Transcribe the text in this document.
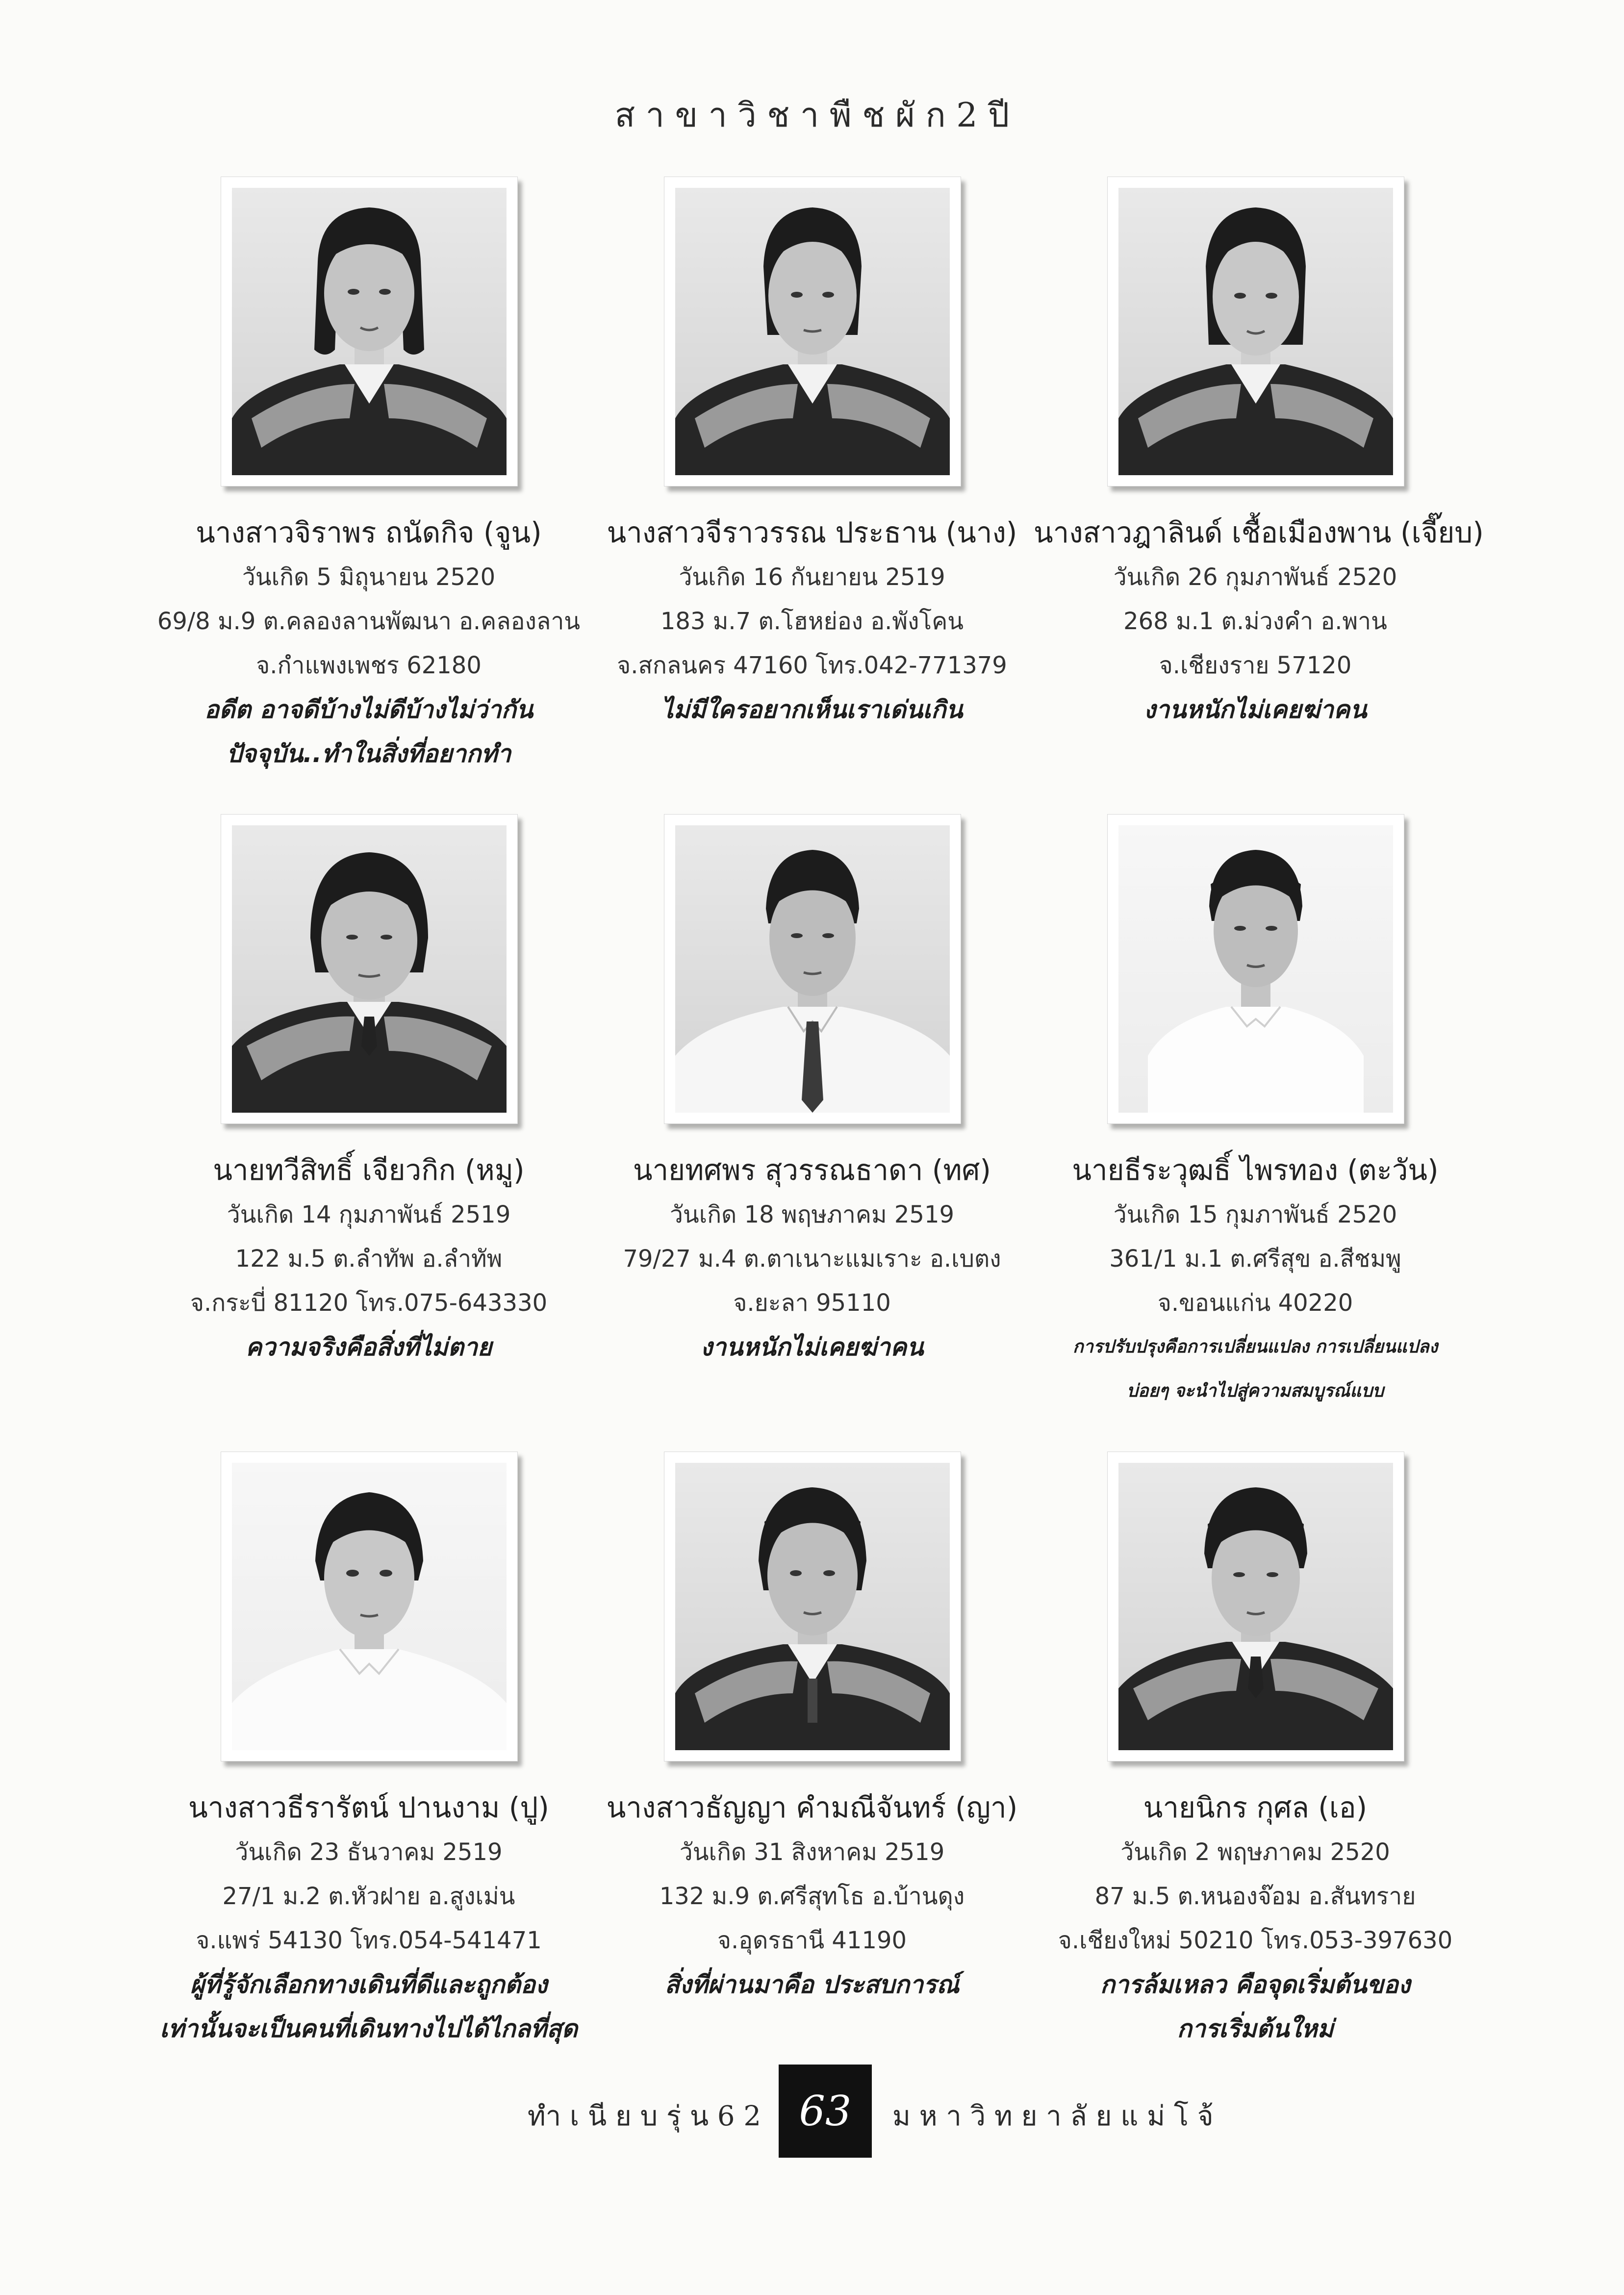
ส า ข า วิ ช า พื ช ผั ก 2 ปี
นางสาวจิราพร ถนัดกิจ (จูน)
วันเกิด 5 มิถุนายน 2520
69/8 ม.9 ต.คลองลานพัฒนา อ.คลองลาน
จ.กำแพงเพชร 62180
อดีต อาจดีบ้างไม่ดีบ้างไม่ว่ากัน
ปัจจุบัน..ทำในสิ่งที่อยากทำ
นางสาวจีราวรรณ ประธาน (นาง)
วันเกิด 16 กันยายน 2519
183 ม.7 ต.โฮหย่อง อ.พังโคน
จ.สกลนคร 47160 โทร.042-771379
ไม่มีใครอยากเห็นเราเด่นเกิน
นางสาวฎาลินด์ เชื้อเมืองพาน (เจี๊ยบ)
วันเกิด 26 กุมภาพันธ์ 2520
268 ม.1 ต.ม่วงคำ อ.พาน
จ.เชียงราย 57120
งานหนักไม่เคยฆ่าคน
นายทวีสิทธิ์ เจียวกิก (หมู)
วันเกิด 14 กุมภาพันธ์ 2519
122 ม.5 ต.ลำทัพ อ.ลำทัพ
จ.กระบี่ 81120 โทร.075-643330
ความจริงคือสิ่งที่ไม่ตาย
นายทศพร สุวรรณธาดา (ทศ)
วันเกิด 18 พฤษภาคม 2519
79/27 ม.4 ต.ตาเนาะแมเราะ อ.เบตง
จ.ยะลา 95110
งานหนักไม่เคยฆ่าคน
นายธีระวุฒธิ์ ไพรทอง (ตะวัน)
วันเกิด 15 กุมภาพันธ์ 2520
361/1 ม.1 ต.ศรีสุข อ.สีชมพู
จ.ขอนแก่น 40220
การปรับปรุงคือการเปลี่ยนแปลง การเปลี่ยนแปลง
บ่อยๆ จะนำไปสู่ความสมบูรณ์แบบ
นางสาวธีรารัตน์ ปานงาม (ปู)
วันเกิด 23 ธันวาคม 2519
27/1 ม.2 ต.หัวฝาย อ.สูงเม่น
จ.แพร่ 54130 โทร.054-541471
ผู้ที่รู้จักเลือกทางเดินที่ดีและถูกต้อง
เท่านั้นจะเป็นคนที่เดินทางไปได้ไกลที่สุด
นางสาวธัญญา คำมณีจันทร์ (ญา)
วันเกิด 31 สิงหาคม 2519
132 ม.9 ต.ศรีสุทโธ อ.บ้านดุง
จ.อุดรธานี 41190
สิ่งที่ผ่านมาคือ ประสบการณ์
นายนิกร กุศล (เอ)
วันเกิด 2 พฤษภาคม 2520
87 ม.5 ต.หนองจ๊อม อ.สันทราย
จ.เชียงใหม่ 50210 โทร.053-397630
การล้มเหลว คือจุดเริ่มต้นของ
การเริ่มต้นใหม่
ทำ เ นี ย บ รุ่ น 6 2 63	ม ห า วิ ท ย า ลั ย แ ม่ โ จ้
